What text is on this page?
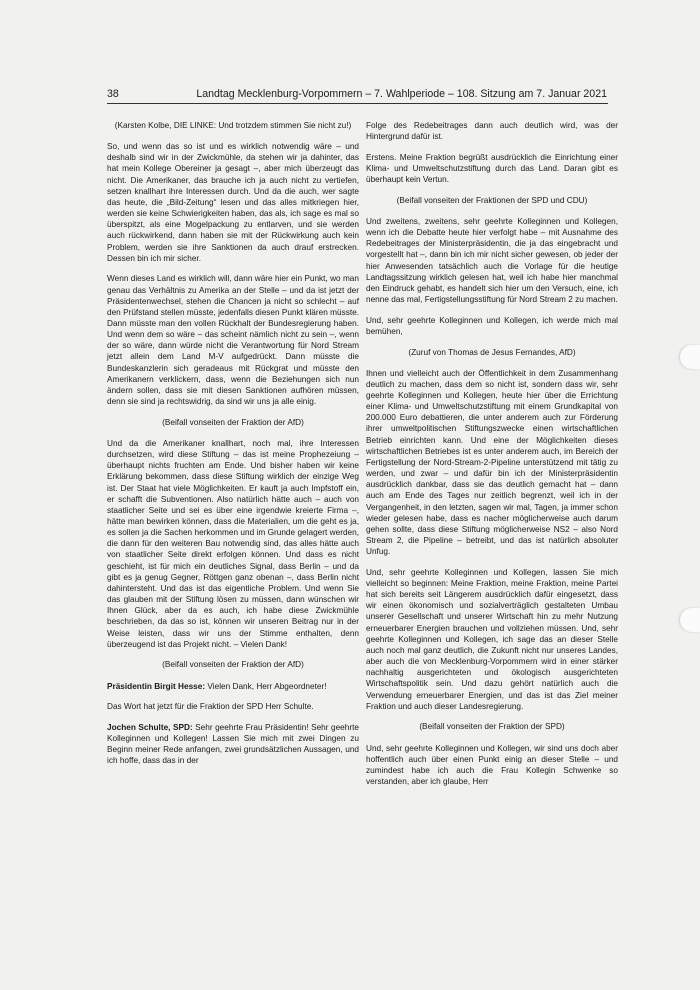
38	Landtag Mecklenburg-Vorpommern – 7. Wahlperiode – 108. Sitzung am 7. Januar 2021

(Karsten Kolbe, DIE LINKE: Und trotzdem stimmen Sie nicht zu!)

So, und wenn das so ist und es wirklich notwendig wäre – und deshalb sind wir in der Zwickmühle, da stehen wir ja dahinter, das hat mein Kollege Obereiner ja gesagt –, aber mich überzeugt das nicht. Die Amerikaner, das brauche ich ja auch nicht zu vertiefen, setzen knallhart ihre Interessen durch. Und da die auch, wer sagte das heute, die „Bild-Zeitung“ lesen und das alles mitkriegen hier, werden sie keine Schwierigkeiten haben, das als, ich sage es mal so überspitzt, als eine Mogelpackung zu entlarven, und sie werden auch rückwirkend, dann haben sie mit der Rückwirkung auch kein Problem, werden sie ihre Sanktionen da auch drauf erstrecken. Dessen bin ich mir sicher.

Wenn dieses Land es wirklich will, dann wäre hier ein Punkt, wo man genau das Verhältnis zu Amerika an der Stelle – und da ist jetzt der Präsidentenwechsel, stehen die Chancen ja nicht so schlecht – auf den Prüfstand stellen müsste, jedenfalls diesen Punkt klären müsste. Dann müsste man den vollen Rückhalt der Bundesregierung haben. Und wenn dem so wäre – das scheint nämlich nicht zu sein –, wenn der so wäre, dann würde nicht die Verantwortung für Nord Stream jetzt allein dem Land M-V aufgedrückt. Dann müsste die Bundeskanzlerin sich geradeaus mit Rückgrat und müsste den Amerikanern verklickern, dass, wenn die Beziehungen sich nun ändern sollen, dass sie mit diesen Sanktionen aufhören müssen, denn sie sind ja rechtswidrig, da sind wir uns ja alle einig.

(Beifall vonseiten der Fraktion der AfD)

Und da die Amerikaner knallhart, noch mal, ihre Interessen durchsetzen, wird diese Stiftung – das ist meine Prophezeiung – überhaupt nichts fruchten am Ende. Und bisher haben wir keine Erklärung bekommen, dass diese Stiftung wirklich der einzige Weg ist. Der Staat hat viele Möglichkeiten. Er kauft ja auch Impfstoff ein, er schafft die Subventionen. Also natürlich hätte auch – auch von staatlicher Seite und sei es über eine irgendwie kreierte Firma –, hätte man bewirken können, dass die Materialien, um die geht es ja, es sollen ja die Sachen herkommen und im Grunde gelagert werden, die dann für den weiteren Bau notwendig sind, das alles hätte auch von staatlicher Seite direkt erfolgen können. Und dass es nicht geschieht, ist für mich ein deutliches Signal, dass Berlin – und da gibt es ja genug Gegner, Röttgen ganz obenan –, dass Berlin nicht dahintersteht. Und das ist das eigentliche Problem. Und wenn Sie das glauben mit der Stiftung lösen zu müssen, dann wünschen wir Ihnen Glück, aber da es auch, ich habe diese Zwickmühle beschrieben, da das so ist, können wir unseren Beitrag nur in der Weise leisten, dass wir uns der Stimme enthalten, denn überzeugend ist das Projekt nicht. – Vielen Dank!

(Beifall vonseiten der Fraktion der AfD)

Präsidentin Birgit Hesse: Vielen Dank, Herr Abgeordneter!

Das Wort hat jetzt für die Fraktion der SPD Herr Schulte.

Jochen Schulte, SPD: Sehr geehrte Frau Präsidentin! Sehr geehrte Kolleginnen und Kollegen! Lassen Sie mich mit zwei Dingen zu Beginn meiner Rede anfangen, zwei grundsätzlichen Aussagen, und ich hoffe, dass das in der

Folge des Redebeitrages dann auch deutlich wird, was der Hintergrund dafür ist.

Erstens. Meine Fraktion begrüßt ausdrücklich die Einrichtung einer Klima- und Umweltschutzstiftung durch das Land. Daran gibt es überhaupt kein Vertun.

(Beifall vonseiten der Fraktionen der SPD und CDU)

Und zweitens, zweitens, sehr geehrte Kolleginnen und Kollegen, wenn ich die Debatte heute hier verfolgt habe – mit Ausnahme des Redebeitrages der Ministerpräsidentin, die ja das eingebracht und vorgestellt hat –, dann bin ich mir nicht sicher gewesen, ob jeder der hier Anwesenden tatsächlich auch die Vorlage für die heutige Landtagssitzung wirklich gelesen hat, weil ich habe hier manchmal den Eindruck gehabt, es handelt sich hier um den Versuch, eine, ich nenne das mal, Fertigstellungsstiftung für Nord Stream 2 zu machen.

Und, sehr geehrte Kolleginnen und Kollegen, ich werde mich mal bemühen,

(Zuruf von Thomas de Jesus Fernandes, AfD)

Ihnen und vielleicht auch der Öffentlichkeit in dem Zusammenhang deutlich zu machen, dass dem so nicht ist, sondern dass wir, sehr geehrte Kolleginnen und Kollegen, heute hier über die Errichtung einer Klima- und Umweltschutzstiftung mit einem Grundkapital von 200.000 Euro debattieren, die unter anderem auch zur Förderung ihrer umweltpolitischen Stiftungszwecke einen wirtschaftlichen Betrieb einrichten kann. Und eine der Möglichkeiten dieses wirtschaftlichen Betriebes ist es unter anderem auch, im Bereich der Fertigstellung der Nord-Stream-2-Pipeline unterstützend mit tätig zu werden, und zwar – und dafür bin ich der Ministerpräsidentin ausdrücklich dankbar, dass sie das deutlich gemacht hat – dann auch am Ende des Tages nur zeitlich begrenzt, weil ich in der Vergangenheit, in den letzten, sagen wir mal, Tagen, ja immer schon wieder gelesen habe, dass es nacher möglicherweise auch darum gehen sollte, dass diese Stiftung möglicherweise NS2 – also Nord Stream 2, die Pipeline – betreibt, und das ist natürlich absoluter Unfug.

Und, sehr geehrte Kolleginnen und Kollegen, lassen Sie mich vielleicht so beginnen: Meine Fraktion, meine Fraktion, meine Partei hat sich bereits seit Längerem ausdrücklich dafür eingesetzt, dass wir einen ökonomisch und sozialverträglich gestalteten Umbau unserer Gesellschaft und unserer Wirtschaft hin zu mehr Nutzung erneuerbarer Energien brauchen und vollziehen müssen. Und, sehr geehrte Kolleginnen und Kollegen, ich sage das an dieser Stelle auch noch mal ganz deutlich, die Zukunft nicht nur unseres Landes, aber auch die von Mecklenburg-Vorpommern wird in einer stärker nachhaltig ausgerichteten und ökologisch ausgerichteten Wirtschaftspolitik sein. Und dazu gehört natürlich auch die Verwendung erneuerbarer Energien, und das ist das Ziel meiner Fraktion und auch dieser Landesregierung.

(Beifall vonseiten der Fraktion der SPD)

Und, sehr geehrte Kolleginnen und Kollegen, wir sind uns doch aber hoffentlich auch über einen Punkt einig an dieser Stelle – und zumindest habe ich auch die Frau Kollegin Schwenke so verstanden, aber ich glaube, Herr
